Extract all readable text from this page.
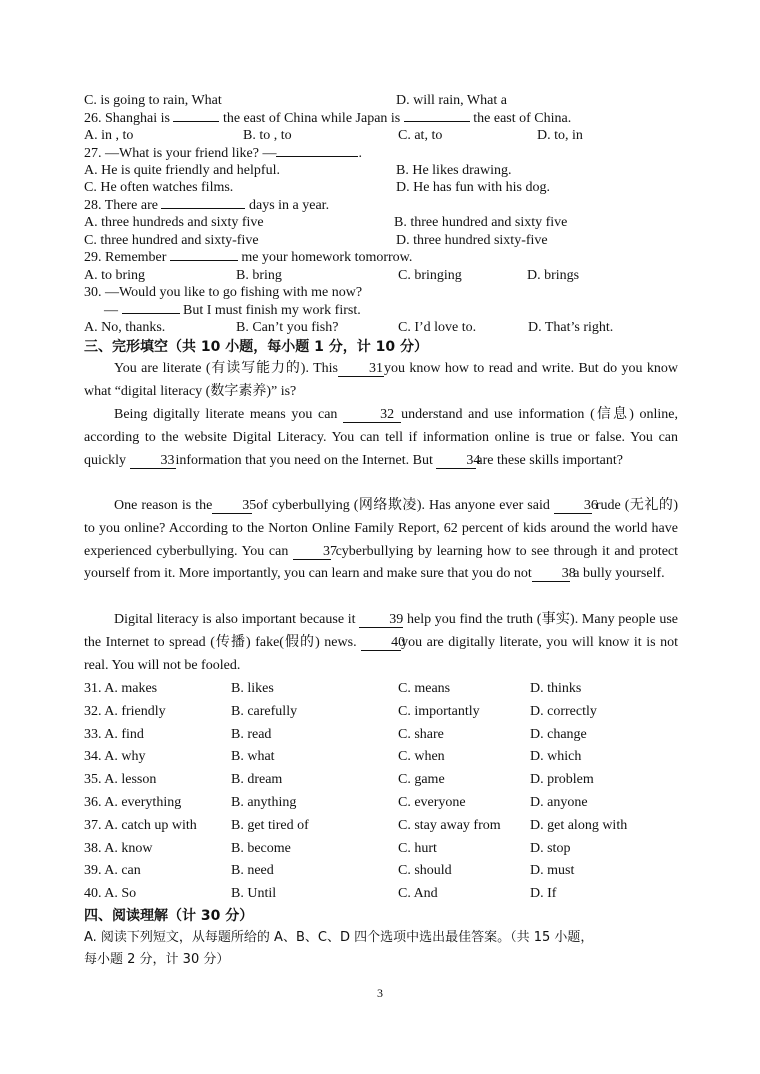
C. is going to rain, What	D. will rain, What a
26. Shanghai is	the east of China while Japan is	the east of China.
A. in , to	B. to , to	C. at, to	D. to, in
27. —What is your friend like? —	.
A. He is quite friendly and helpful.	B. He likes drawing.
C. He often watches films.	D. He has fun with his dog.
28. There are	days in a year.
A. three hundreds and sixty five	B. three hundred and sixty five
C. three hundred and sixty-five	D. three hundred sixty-five
29. Remember	me your homework tomorrow.
A. to bring	B. bring	C. bringing	D. brings
30. —Would you like to go fishing with me now?
—	But I must finish my work first.
A. No, thanks.	B. Can’t you fish?	C. I’d love to.	D. That’s right.
三、完形填空（共 10 小题，每小题 1 分，计 10 分）
You are literate (有读写能力的). This 31you know how to read and write. But do you know what “digital literacy (数字素养)” is?
Being digitally literate means you can	32 understand and use information (信息) online, according to the website Digital Literacy. You can tell if information online is true or false. You can quickly 33information that you need on the Internet. But 34are these skills important?
One reason is the 35 of cyberbullying (网络欺凌). Has anyone ever said 36 rude (无礼的) to you online? According to the Norton Online Family Report, 62 percent of kids around the world have experienced cyberbullying. You can 37 cyberbullying by learning how to see through it and protect yourself from it. More importantly, you can learn and make sure that you do not 38 a bully yourself.
Digital literacy is also important because it 39 help you find the truth (事实). Many people use the Internet to spread (传播) fake(假的) news. 40you are digitally literate, you will know it is not real. You will not be fooled.
31. A. makes	B. likes	C. means	D. thinks
32. A. friendly	B. carefully	C. importantly	D. correctly
33. A. find	B. read	C. share	D. change
34. A. why	B. what	C. when	D. which
35. A. lesson	B. dream	C. game	D. problem
36. A. everything	B. anything	C. everyone	D. anyone
37. A. catch up with B. get tired of	C. stay away from D. get along with
38. A. know	B. become	C. hurt	D. stop
39. A. can	B. need	C. should	D. must
40. A. So	B. Until	C. And	D. If
四、阅读理解（计 30 分）
A. 阅读下列短文，从每题所给的 A、B、C、D 四个选项中选出最佳答案。（共 15 小题，
每小题 2 分，计 30 分）
3
